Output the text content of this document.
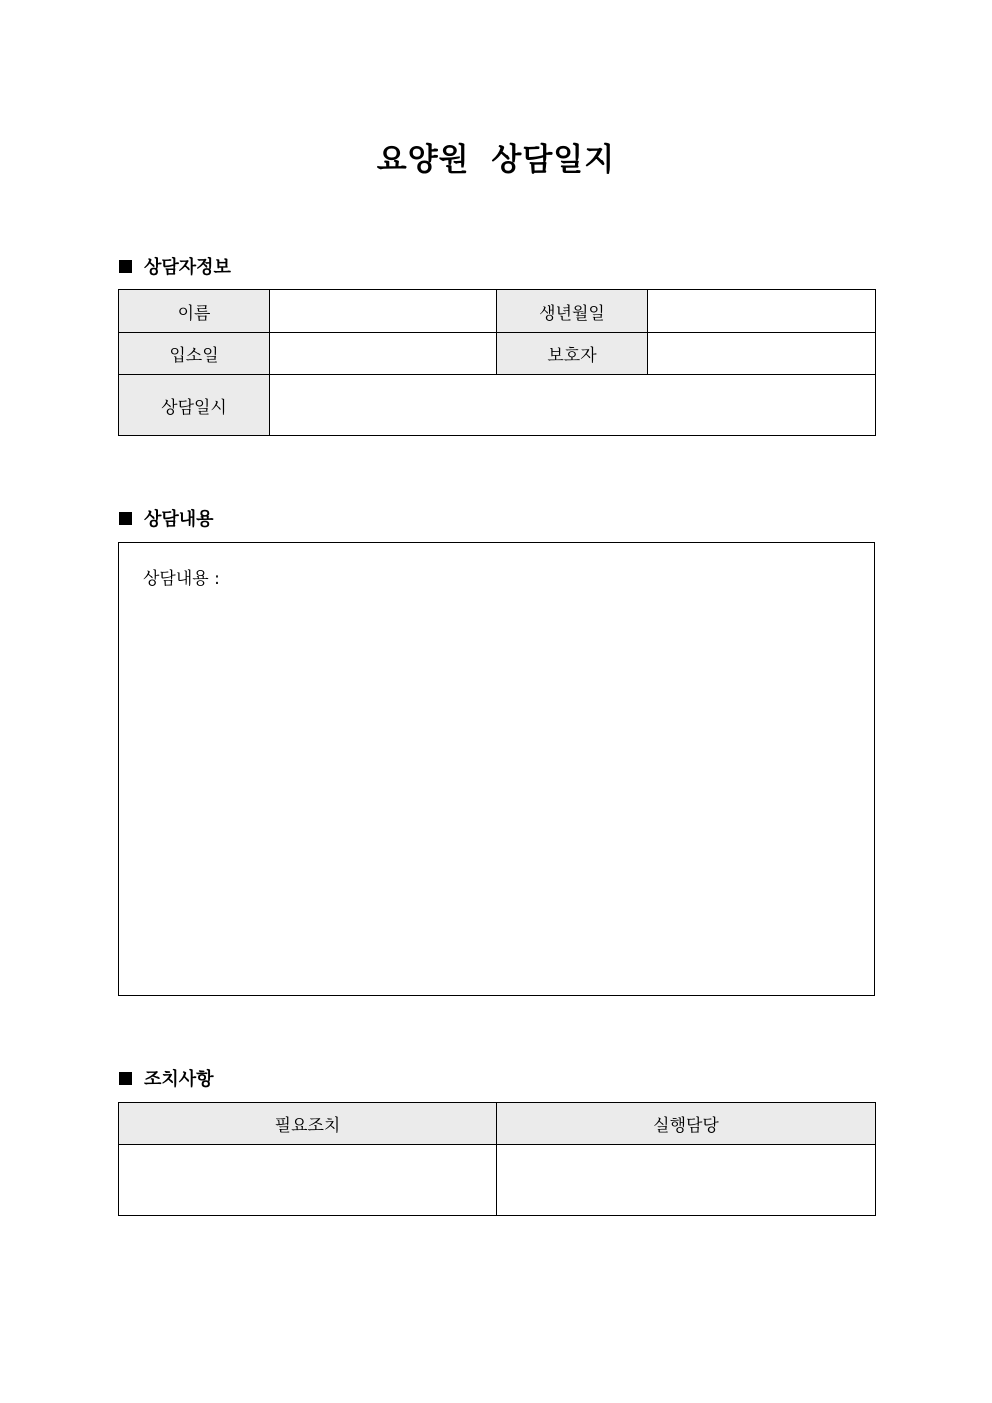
요양원 상담일지
상담자정보
이름		생년월일	
입소일		보호자	
상담일시			
상담내용
상담내용 :
조치사항
필요조치	실행담당
